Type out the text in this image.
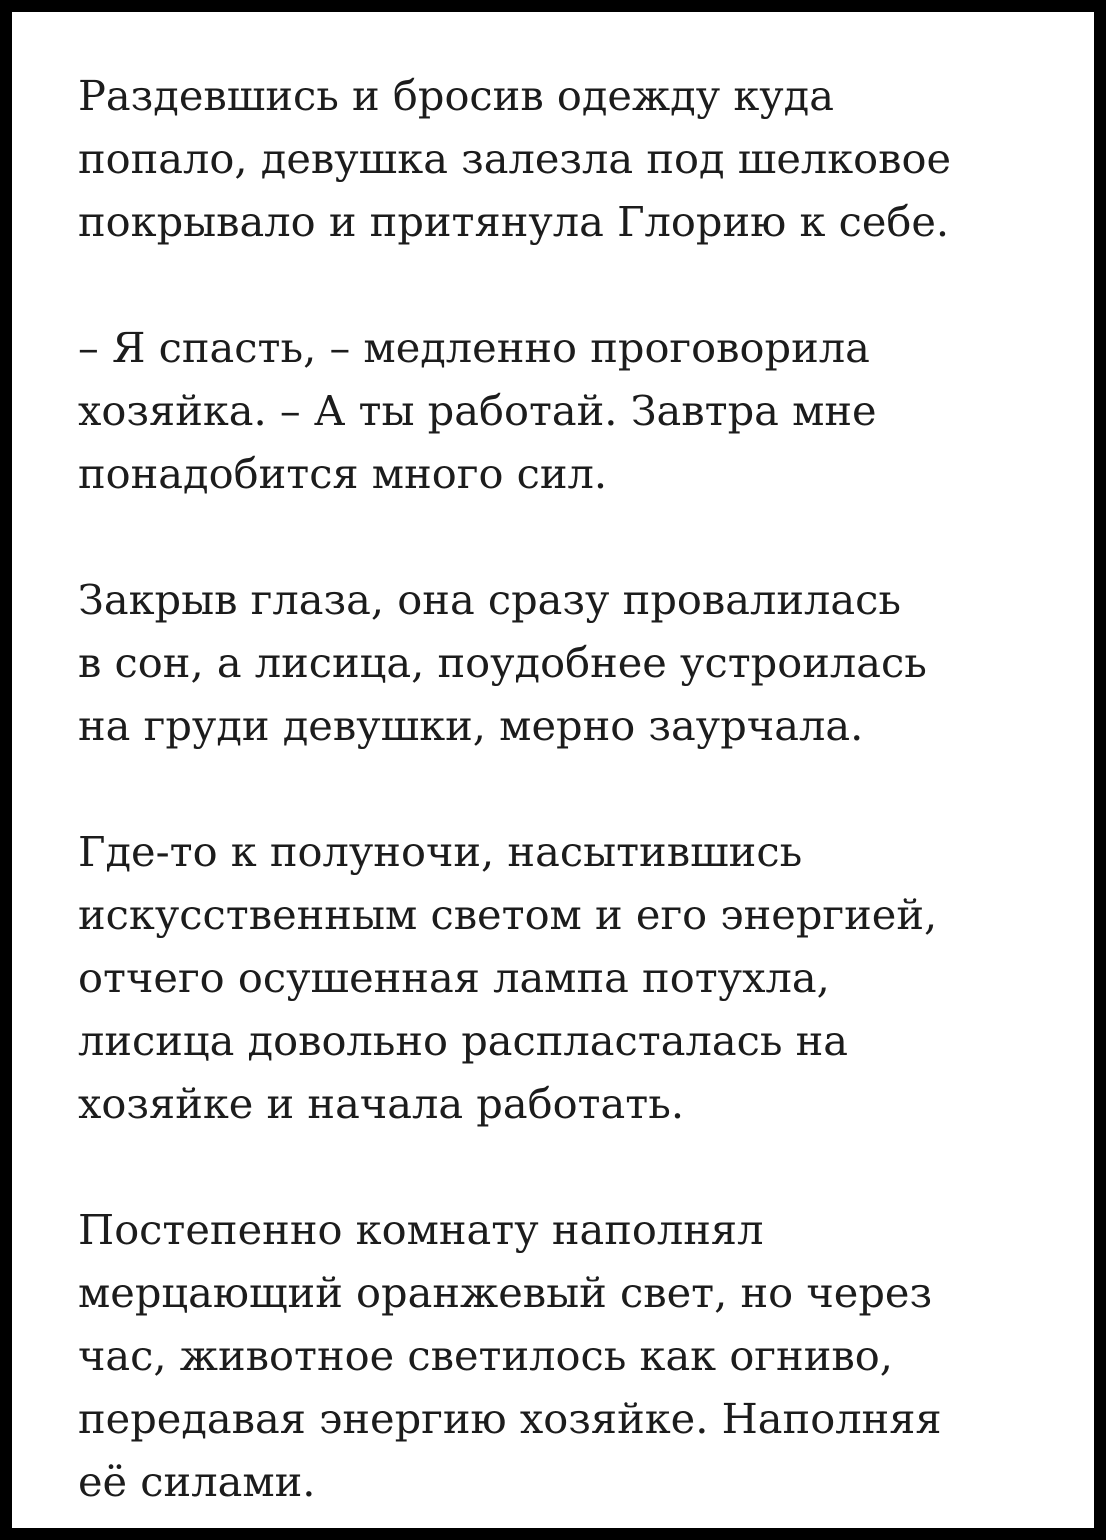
Раздевшись и бросив одежду куда
попало, девушка залезла под шелковое
покрывало и притянула Глорию к себе.

– Я спасть, – медленно проговорила
хозяйка. – А ты работай. Завтра мне
понадобится много сил.

Закрыв глаза, она сразу провалилась
в сон, а лисица, поудобнее устроилась
на груди девушки, мерно заурчала.

Где-то к полуночи, насытившись
искусственным светом и его энергией,
отчего осушенная лампа потухла,
лисица довольно распласталась на
хозяйке и начала работать.

Постепенно комнату наполнял
мерцающий оранжевый свет, но через
час, животное светилось как огниво,
передавая энергию хозяйке. Наполняя
её силами.
